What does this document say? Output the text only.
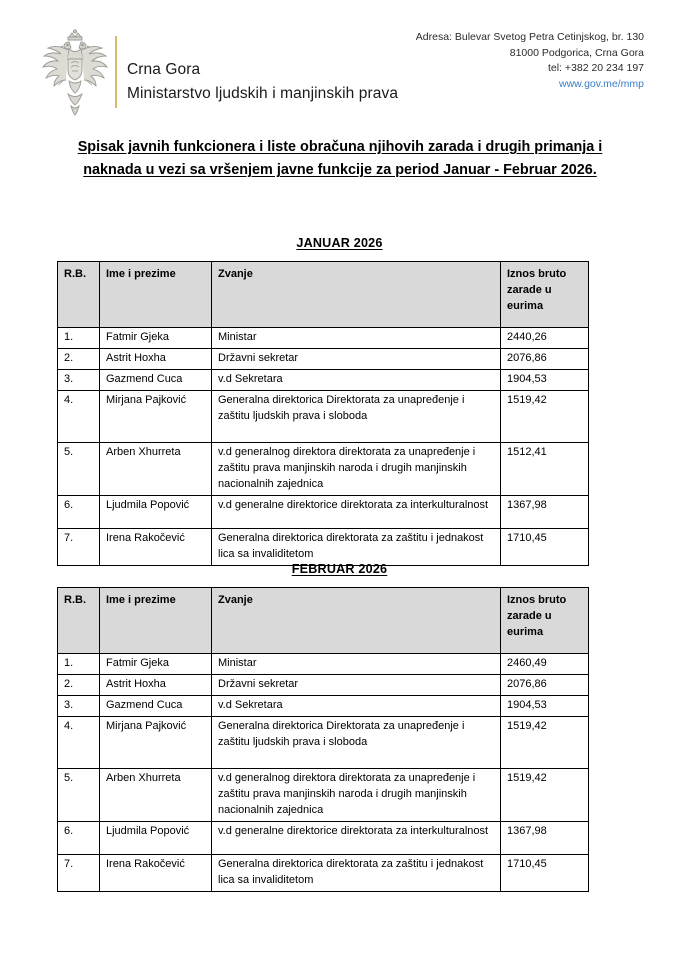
Crna Gora
Ministarstvo ljudskih i manjinskih prava
Adresa: Bulevar Svetog Petra Cetinjskog, br. 130
81000 Podgorica, Crna Gora
tel: +382 20 234 197
www.gov.me/mmp
Spisak javnih funkcionera i liste obračuna njihovih zarada i drugih primanja i naknada u vezi sa vršenjem javne funkcije za period Januar - Februar 2026.
JANUAR 2026
R.B.	Ime i prezime	Zvanje	Iznos bruto zarade u eurima
1.	Fatmir Gjeka	Ministar	2440,26
2.	Astrit Hoxha	Državni sekretar	2076,86
3.	Gazmend Cuca	v.d Sekretara	1904,53
4.	Mirjana Pajković	Generalna direktorica Direktorata za unapređenje i zaštitu ljudskih prava i sloboda	1519,42
5.	Arben Xhurreta	v.d generalnog direktora direktorata za unapređenje i zaštitu prava manjinskih naroda i drugih manjinskih nacionalnih zajednica	1512,41
6.	Ljudmila Popović	v.d generalne direktorice direktorata za interkulturalnost	1367,98
7.	Irena Rakočević	Generalna direktorica direktorata za zaštitu i jednakost lica sa invaliditetom	1710,45
FEBRUAR 2026
R.B.	Ime i prezime	Zvanje	Iznos bruto zarade u eurima
1.	Fatmir Gjeka	Ministar	2460,49
2.	Astrit Hoxha	Državni sekretar	2076,86
3.	Gazmend Cuca	v.d Sekretara	1904,53
4.	Mirjana Pajković	Generalna direktorica Direktorata za unapređenje i zaštitu ljudskih prava i sloboda	1519,42
5.	Arben Xhurreta	v.d generalnog direktora direktorata za unapređenje i zaštitu prava manjinskih naroda i drugih manjinskih nacionalnih zajednica	1519,42
6.	Ljudmila Popović	v.d generalne direktorice direktorata za interkulturalnost	1367,98
7.	Irena Rakočević	Generalna direktorica direktorata za zaštitu i jednakost lica sa invaliditetom	1710,45
